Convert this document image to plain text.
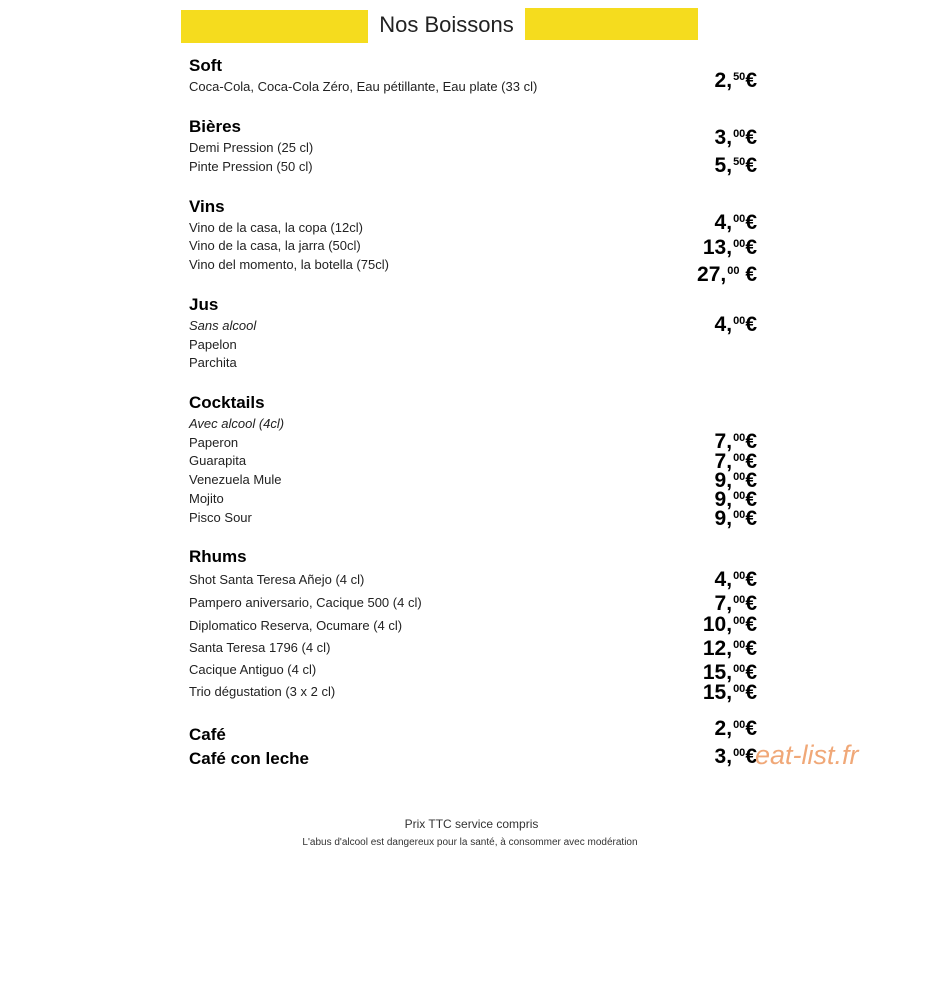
Nos Boissons
Soft
Coca-Cola, Coca-Cola Zéro, Eau pétillante, Eau plate (33 cl)	2,50€
Bières
Demi Pression (25 cl)
Pinte Pression (50 cl)
3,00€
5,50€
Vins
Vino de la casa, la copa (12cl)
Vino de la casa, la jarra (50cl)
Vino del momento, la botella (75cl)
4,00€
13,00€
27,00 €
Jus
Sans alcool
Papelon
Parchita
4,00€
Cocktails
Avec alcool (4cl)
Paperon
Guarapita
Venezuela Mule
Mojito
Pisco Sour
7,00€
7,00€
9,00€
9,00€
9,00€
Rhums
Shot Santa Teresa Añejo (4 cl)
Pampero aniversario, Cacique 500 (4 cl)
Diplomatico Reserva, Ocumare (4 cl)
Santa Teresa 1796 (4 cl)
Cacique Antiguo (4 cl)
Trio dégustation (3 x 2 cl)
4,00€
7,00€
10,00€
12,00€
15,00€
15,00€
Café
Café con leche
2,00€
3,00€
eat-list.fr
Prix TTC service compris
L'abus d'alcool est dangereux pour la santé, à consommer avec modération
